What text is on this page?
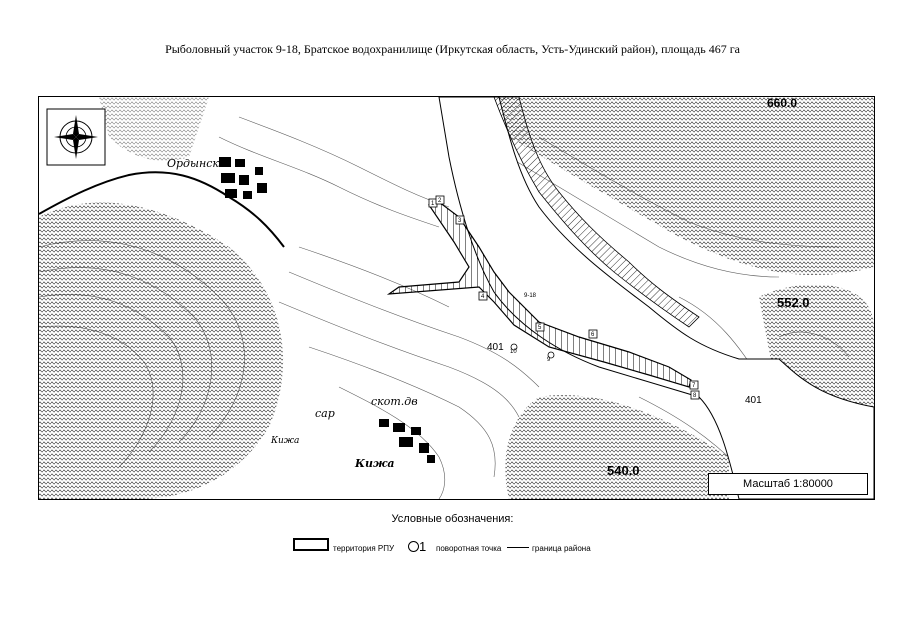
Рыболовный участок 9-18, Братское водохранилище (Иркутская область, Усть-Удинский район), площадь 467 га
1 2
3
4
5
6
7
8
9
10
9-18
401
401
552.0
660.0
540.0
Ордынск
скот.дв
сар
Кижа
Кижа
Масштаб 1:80000
Условные обозначения:
территория РПУ	1 поворотная точка	граница района
